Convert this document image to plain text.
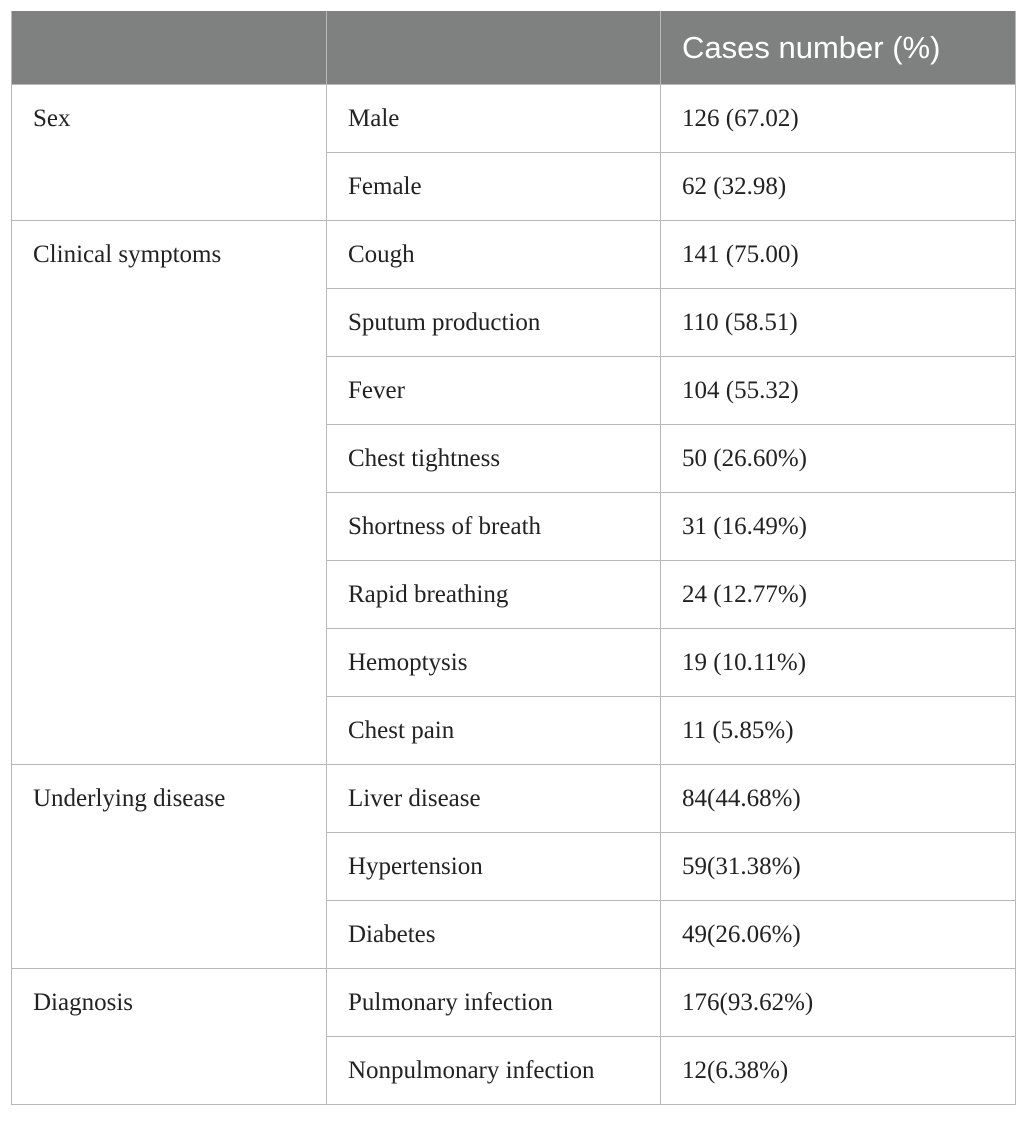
		Cases number (%)
Sex	Male	126 (67.02)
	Female	62 (32.98)
Clinical symptoms	Cough	141 (75.00)
	Sputum production	110 (58.51)
	Fever	104 (55.32)
	Chest tightness	50 (26.60%)
	Shortness of breath	31 (16.49%)
	Rapid breathing	24 (12.77%)
	Hemoptysis	19 (10.11%)
	Chest pain	11 (5.85%)
Underlying disease	Liver disease	84(44.68%)
	Hypertension	59(31.38%)
	Diabetes	49(26.06%)
Diagnosis	Pulmonary infection	176(93.62%)
	Nonpulmonary infection	12(6.38%)
